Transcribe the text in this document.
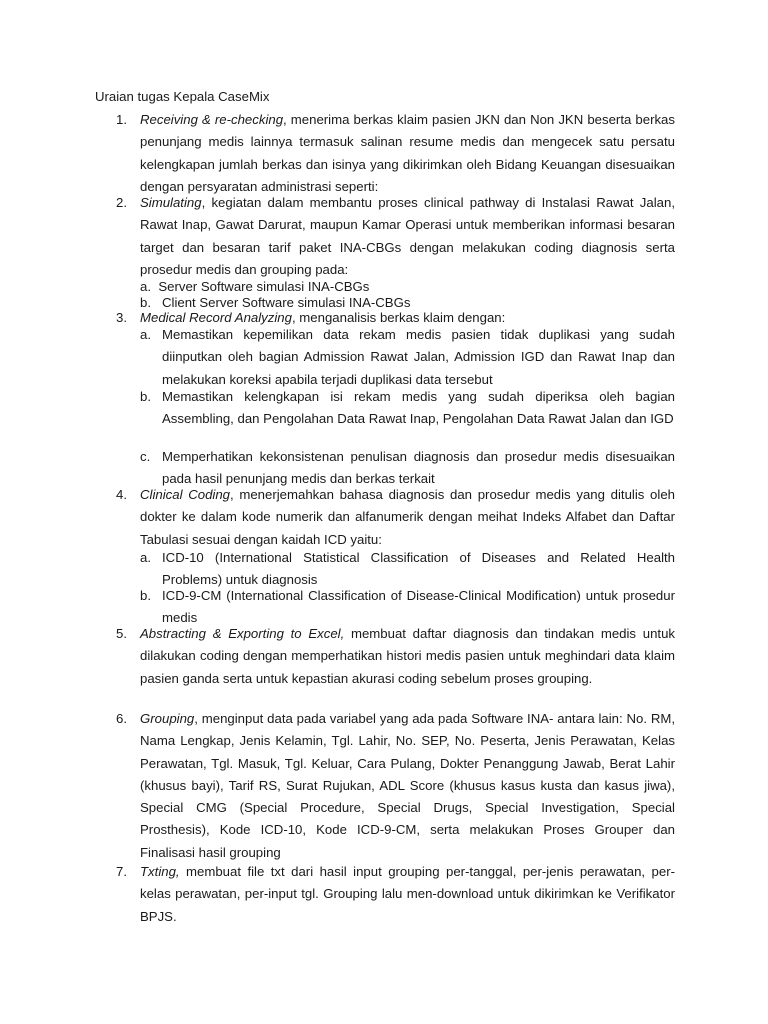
Uraian tugas Kepala CaseMix
1. Receiving & re-checking, menerima berkas klaim pasien JKN dan Non JKN beserta berkas penunjang medis lainnya termasuk salinan resume medis dan mengecek satu persatu kelengkapan jumlah berkas dan isinya yang dikirimkan oleh Bidang Keuangan disesuaikan dengan persyaratan administrasi seperti:
2. Simulating, kegiatan dalam membantu proses clinical pathway di Instalasi Rawat Jalan, Rawat Inap, Gawat Darurat, maupun Kamar Operasi untuk memberikan informasi besaran target dan besaran tarif paket INA-CBGs dengan melakukan coding diagnosis serta prosedur medis dan grouping pada:
a. Server Software simulasi INA-CBGs
b. Client Server Software simulasi INA-CBGs
3. Medical Record Analyzing, menganalisis berkas klaim dengan:
a. Memastikan kepemilikan data rekam medis pasien tidak duplikasi yang sudah diinputkan oleh bagian Admission Rawat Jalan, Admission IGD dan Rawat Inap dan melakukan koreksi apabila terjadi duplikasi data tersebut
b. Memastikan kelengkapan isi rekam medis yang sudah diperiksa oleh bagian Assembling, dan Pengolahan Data Rawat Inap, Pengolahan Data Rawat Jalan dan IGD
c. Memperhatikan kekonsistenan penulisan diagnosis dan prosedur medis disesuaikan pada hasil penunjang medis dan berkas terkait
4. Clinical Coding, menerjemahkan bahasa diagnosis dan prosedur medis yang ditulis oleh dokter ke dalam kode numerik dan alfanumerik dengan meihat Indeks Alfabet dan Daftar Tabulasi sesuai dengan kaidah ICD yaitu:
a. ICD-10 (International Statistical Classification of Diseases and Related Health Problems) untuk diagnosis
b. ICD-9-CM (International Classification of Disease-Clinical Modification) untuk prosedur medis
5. Abstracting & Exporting to Excel, membuat daftar diagnosis dan tindakan medis untuk dilakukan coding dengan memperhatikan histori medis pasien untuk meghindari data klaim pasien ganda serta untuk kepastian akurasi coding sebelum proses grouping.
6. Grouping, menginput data pada variabel yang ada pada Software INA- antara lain: No. RM, Nama Lengkap, Jenis Kelamin, Tgl. Lahir, No. SEP, No. Peserta, Jenis Perawatan, Kelas Perawatan, Tgl. Masuk, Tgl. Keluar, Cara Pulang, Dokter Penanggung Jawab, Berat Lahir (khusus bayi), Tarif RS, Surat Rujukan, ADL Score (khusus kasus kusta dan kasus jiwa), Special CMG (Special Procedure, Special Drugs, Special Investigation, Special Prosthesis), Kode ICD-10, Kode ICD-9-CM, serta melakukan Proses Grouper dan Finalisasi hasil grouping
7. Txting, membuat file txt dari hasil input grouping per-tanggal, per-jenis perawatan, per-kelas perawatan, per-input tgl. Grouping lalu men-download untuk dikirimkan ke Verifikator BPJS.
